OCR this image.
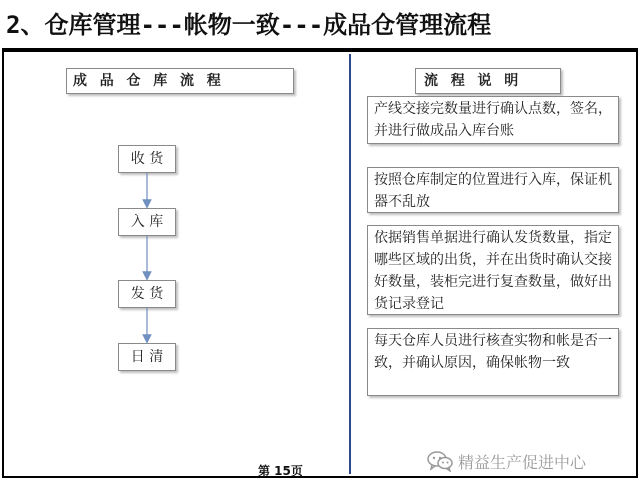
2、仓库管理---帐物一致---成品仓管理流程
成  品  仓  库  流  程	流  程  说  明
收 货
入 库
发 货
日 清
产线交接完数量进行确认点数，签名，并进行做成品入库台账
按照仓库制定的位置进行入库，保证机器不乱放
依据销售单据进行确认发货数量，指定哪些区域的出货，并在出货时确认交接好数量，装柜完进行复查数量，做好出货记录登记
每天仓库人员进行核查实物和帐是否一致，并确认原因，确保帐物一致
第 15页	精益生产促进中心
